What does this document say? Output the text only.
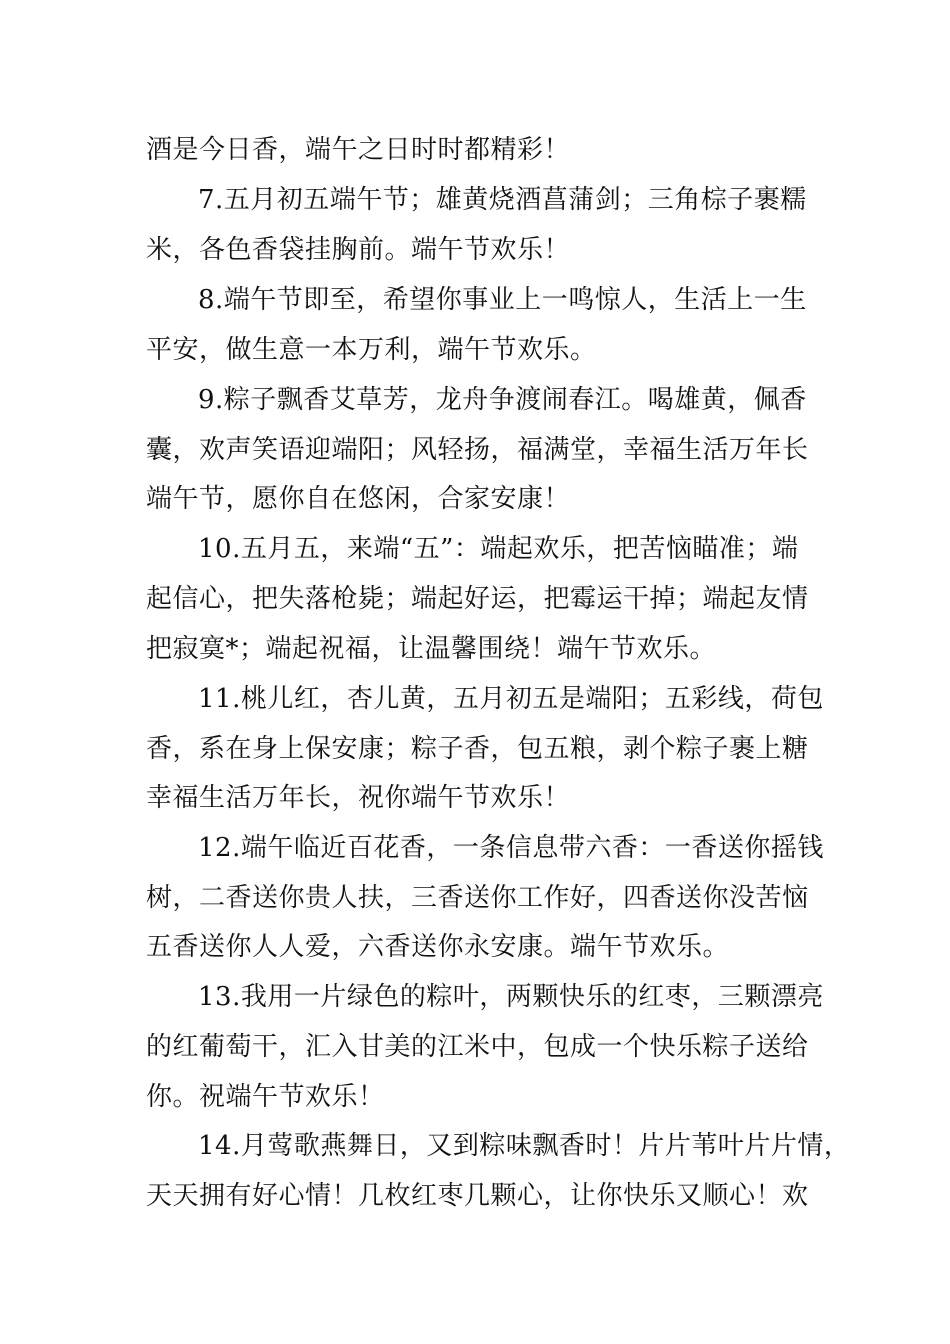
酒是今日香，端午之日时时都精彩！
7.五月初五端午节；雄黄烧酒菖蒲剑；三角棕子裹糯
米，各色香袋挂胸前。端午节欢乐！
8.端午节即至，希望你事业上一鸣惊人，生活上一生
平安，做生意一本万利，端午节欢乐。
9.粽子飘香艾草芳，龙舟争渡闹春江。喝雄黄，佩香
囊，欢声笑语迎端阳；风轻扬，福满堂，幸福生活万年长
端午节，愿你自在悠闲，合家安康！
10.五月五，来端“五”：端起欢乐，把苦恼瞄准；端
起信心，把失落枪毙；端起好运，把霉运干掉；端起友情
把寂寞*；端起祝福，让温馨围绕！端午节欢乐。
11.桃儿红，杏儿黄，五月初五是端阳；五彩线，荷包
香，系在身上保安康；粽子香，包五粮，剥个粽子裹上糖
幸福生活万年长，祝你端午节欢乐！
12.端午临近百花香，一条信息带六香：一香送你摇钱
树，二香送你贵人扶，三香送你工作好，四香送你没苦恼
五香送你人人爱，六香送你永安康。端午节欢乐。
13.我用一片绿色的粽叶，两颗快乐的红枣，三颗漂亮
的红葡萄干，汇入甘美的江米中，包成一个快乐粽子送给
你。祝端午节欢乐！
14.月莺歌燕舞日，又到粽味飘香时！片片苇叶片片情，
天天拥有好心情！几枚红枣几颗心，让你快乐又顺心！欢
